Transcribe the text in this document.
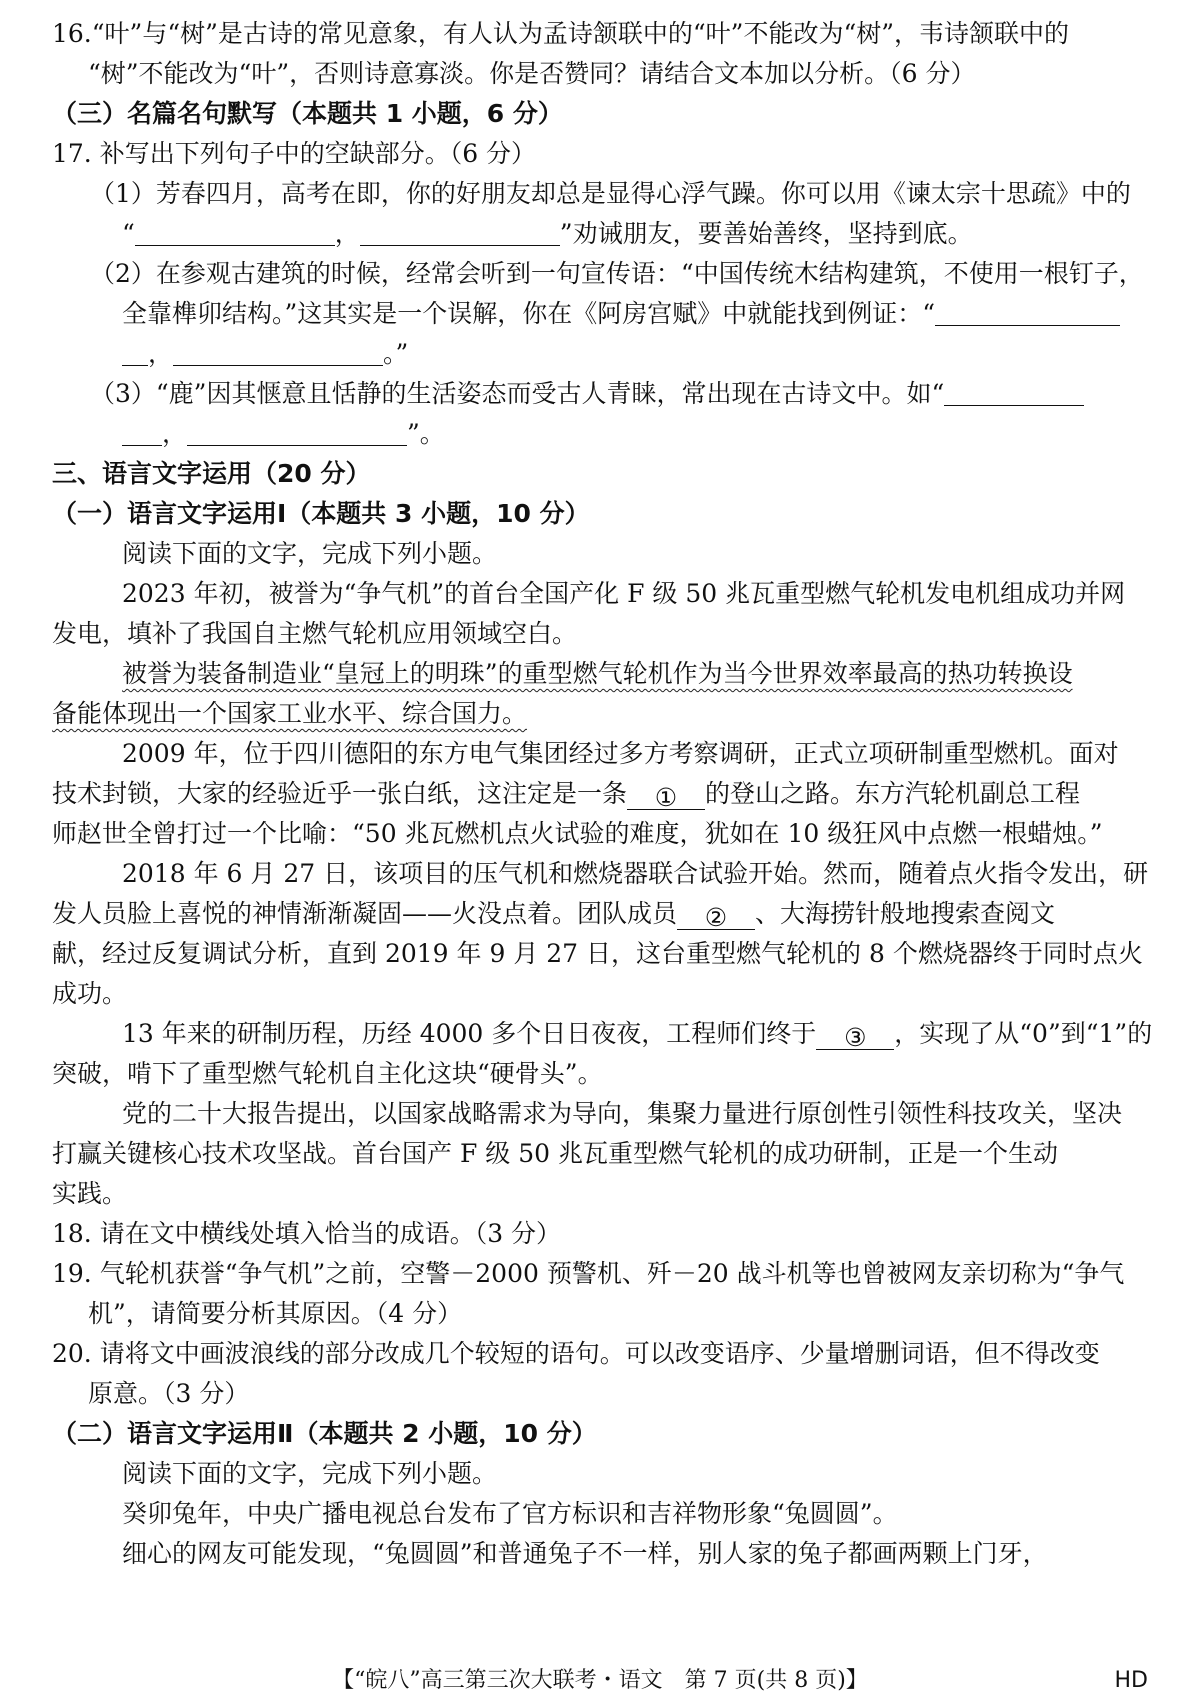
16.“叶”与“树”是古诗的常见意象，有人认为孟诗颔联中的“叶”不能改为“树”，韦诗颔联中的
“树”不能改为“叶”，否则诗意寡淡。你是否赞同？请结合文本加以分析。（6 分）
（三）名篇名句默写（本题共 1 小题，6 分）
17. 补写出下列句子中的空缺部分。（6 分）
（1）芳春四月，高考在即，你的好朋友却总是显得心浮气躁。你可以用《谏太宗十思疏》中的
“	，	”劝诫朋友，要善始善终，坚持到底。
（2）在参观古建筑的时候，经常会听到一句宣传语：“中国传统木结构建筑，不使用一根钉子，
全靠榫卯结构。”这其实是一个误解，你在《阿房宫赋》中就能找到例证：“
，	。”
（3）“鹿”因其惬意且恬静的生活姿态而受古人青睐，常出现在古诗文中。如“
，	”。
三、语言文字运用（20 分）
（一）语言文字运用Ⅰ（本题共 3 小题，10 分）
阅读下面的文字，完成下列小题。
2023 年初，被誉为“争气机”的首台全国产化 F 级 50 兆瓦重型燃气轮机发电机组成功并网
发电，填补了我国自主燃气轮机应用领域空白。
被誉为装备制造业“皇冠上的明珠”的重型燃气轮机作为当今世界效率最高的热功转换设
备能体现出一个国家工业水平、综合国力。
2009 年，位于四川德阳的东方电气集团经过多方考察调研，正式立项研制重型燃机。面对
技术封锁，大家的经验近乎一张白纸，这注定是一条 ① 的登山之路。东方汽轮机副总工程
师赵世全曾打过一个比喻：“50 兆瓦燃机点火试验的难度，犹如在 10 级狂风中点燃一根蜡烛。”
2018 年 6 月 27 日，该项目的压气机和燃烧器联合试验开始。然而，随着点火指令发出，研
发人员脸上喜悦的神情渐渐凝固——火没点着。团队成员 ② 、大海捞针般地搜索查阅文
献，经过反复调试分析，直到 2019 年 9 月 27 日，这台重型燃气轮机的 8 个燃烧器终于同时点火
成功。
13 年来的研制历程，历经 4000 多个日日夜夜，工程师们终于 ③ ，实现了从“0”到“1”的
突破，啃下了重型燃气轮机自主化这块“硬骨头”。
党的二十大报告提出，以国家战略需求为导向，集聚力量进行原创性引领性科技攻关，坚决
打赢关键核心技术攻坚战。首台国产 F 级 50 兆瓦重型燃气轮机的成功研制，正是一个生动
实践。
18. 请在文中横线处填入恰当的成语。（3 分）
19. 气轮机获誉“争气机”之前，空警－2000 预警机、歼－20 战斗机等也曾被网友亲切称为“争气
机”，请简要分析其原因。（4 分）
20. 请将文中画波浪线的部分改成几个较短的语句。可以改变语序、少量增删词语，但不得改变
原意。（3 分）
（二）语言文字运用Ⅱ（本题共 2 小题，10 分）
阅读下面的文字，完成下列小题。
癸卯兔年，中央广播电视总台发布了官方标识和吉祥物形象“兔圆圆”。
细心的网友可能发现，“兔圆圆”和普通兔子不一样，别人家的兔子都画两颗上门牙，
【“皖八”高三第三次大联考・语文　第 7 页(共 8 页)】	HD
